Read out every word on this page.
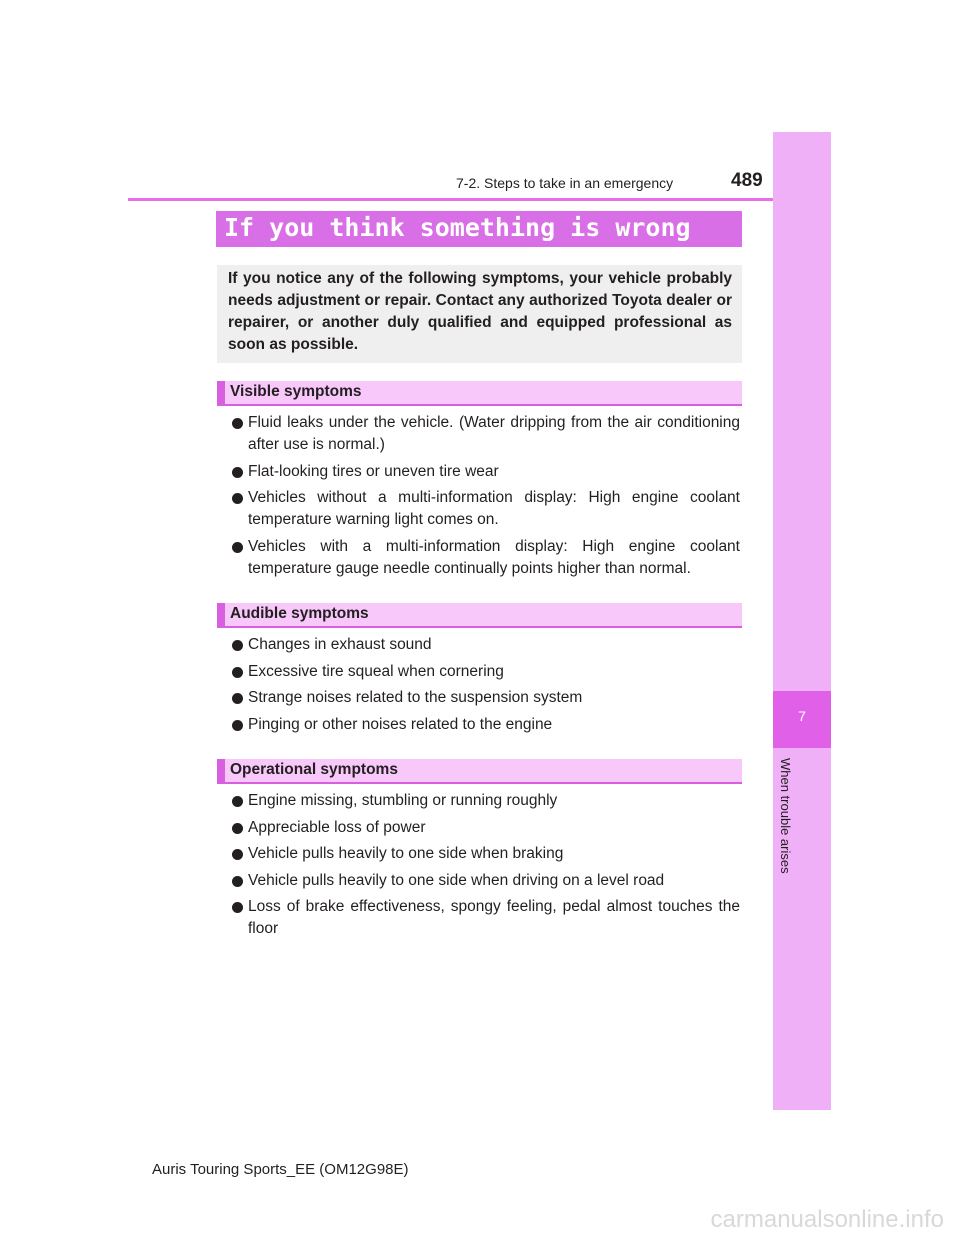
7-2. Steps to take in an emergency	489
7
When trouble arises
If you think something is wrong
If you notice any of the following symptoms, your vehicle probably needs adjustment or repair. Contact any authorized Toyota dealer or repairer, or another duly qualified and equipped professional as soon as possible.
Visible symptoms
Fluid leaks under the vehicle. (Water dripping from the air conditioning after use is normal.)
Flat-looking tires or uneven tire wear
Vehicles without a multi-information display: High engine coolant temperature warning light comes on.
Vehicles with a multi-information display: High engine coolant temperature gauge needle continually points higher than normal.
Audible symptoms
Changes in exhaust sound
Excessive tire squeal when cornering
Strange noises related to the suspension system
Pinging or other noises related to the engine
Operational symptoms
Engine missing, stumbling or running roughly
Appreciable loss of power
Vehicle pulls heavily to one side when braking
Vehicle pulls heavily to one side when driving on a level road
Loss of brake effectiveness, spongy feeling, pedal almost touches the floor
Auris Touring Sports_EE (OM12G98E)
carmanualsonline.info
